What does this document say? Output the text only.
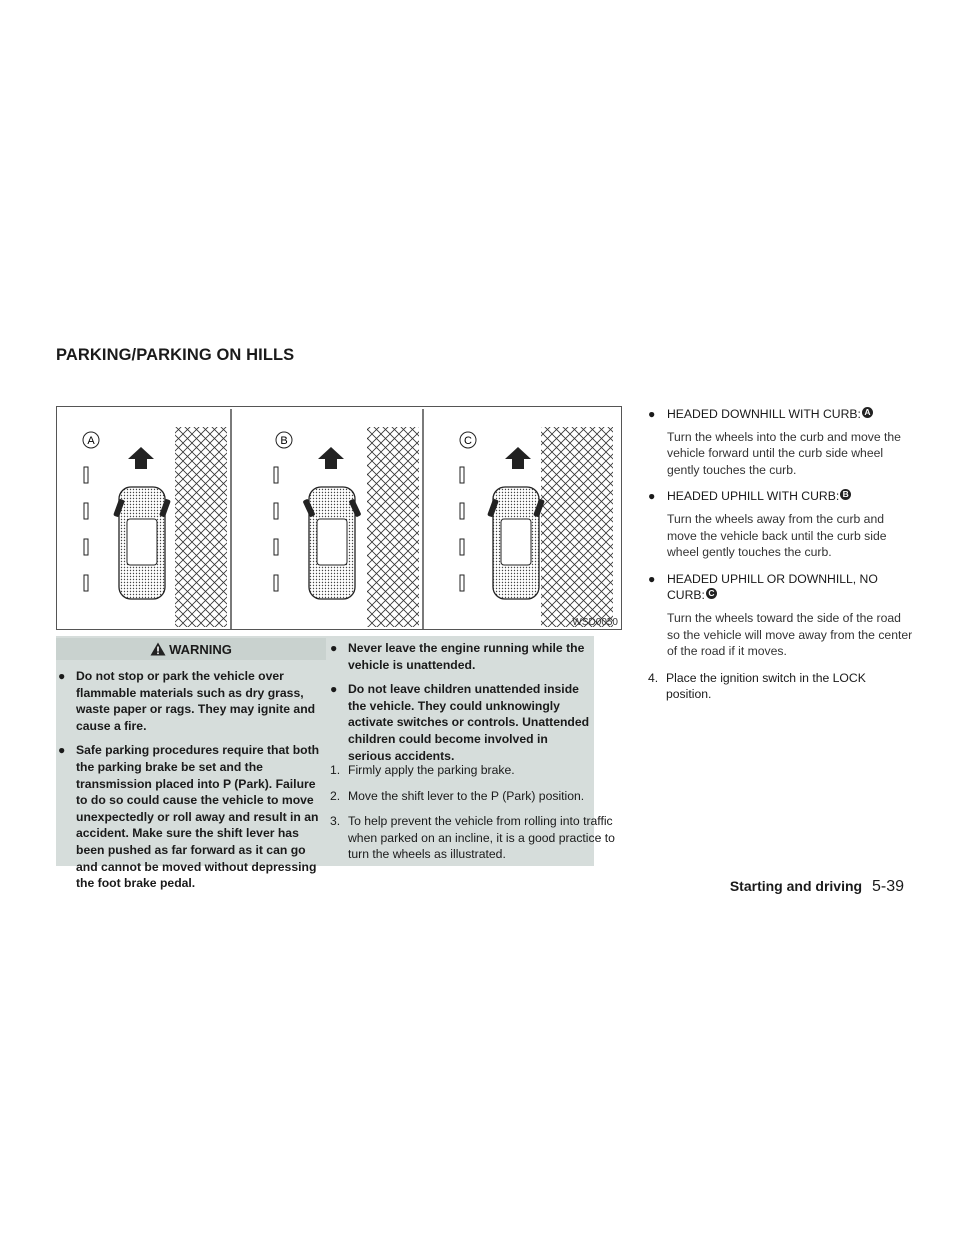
PARKING/PARKING ON HILLS
A	B	C
WSD0050
WARNING
● Do not stop or park the vehicle over flammable materials such as dry grass, waste paper or rags. They may ignite and cause a fire.
● Safe parking procedures require that both the parking brake be set and the transmission placed into P (Park). Failure to do so could cause the vehicle to move unexpectedly or roll away and result in an accident. Make sure the shift lever has been pushed as far forward as it can go and cannot be moved without depressing the foot brake pedal.
● Never leave the engine running while the vehicle is unattended.
● Do not leave children unattended inside the vehicle. They could unknowingly activate switches or controls. Unattended children could become involved in serious accidents.
1. Firmly apply the parking brake.
2. Move the shift lever to the P (Park) position.
3. To help prevent the vehicle from rolling into traffic when parked on an incline, it is a good practice to turn the wheels as illustrated.
● HEADED DOWNHILL WITH CURB: A
Turn the wheels into the curb and move the vehicle forward until the curb side wheel gently touches the curb.
● HEADED UPHILL WITH CURB: B
Turn the wheels away from the curb and move the vehicle back until the curb side wheel gently touches the curb.
● HEADED UPHILL OR DOWNHILL, NO CURB: C
Turn the wheels toward the side of the road so the vehicle will move away from the center of the road if it moves.
4. Place the ignition switch in the LOCK position.
Starting and driving 5-39
